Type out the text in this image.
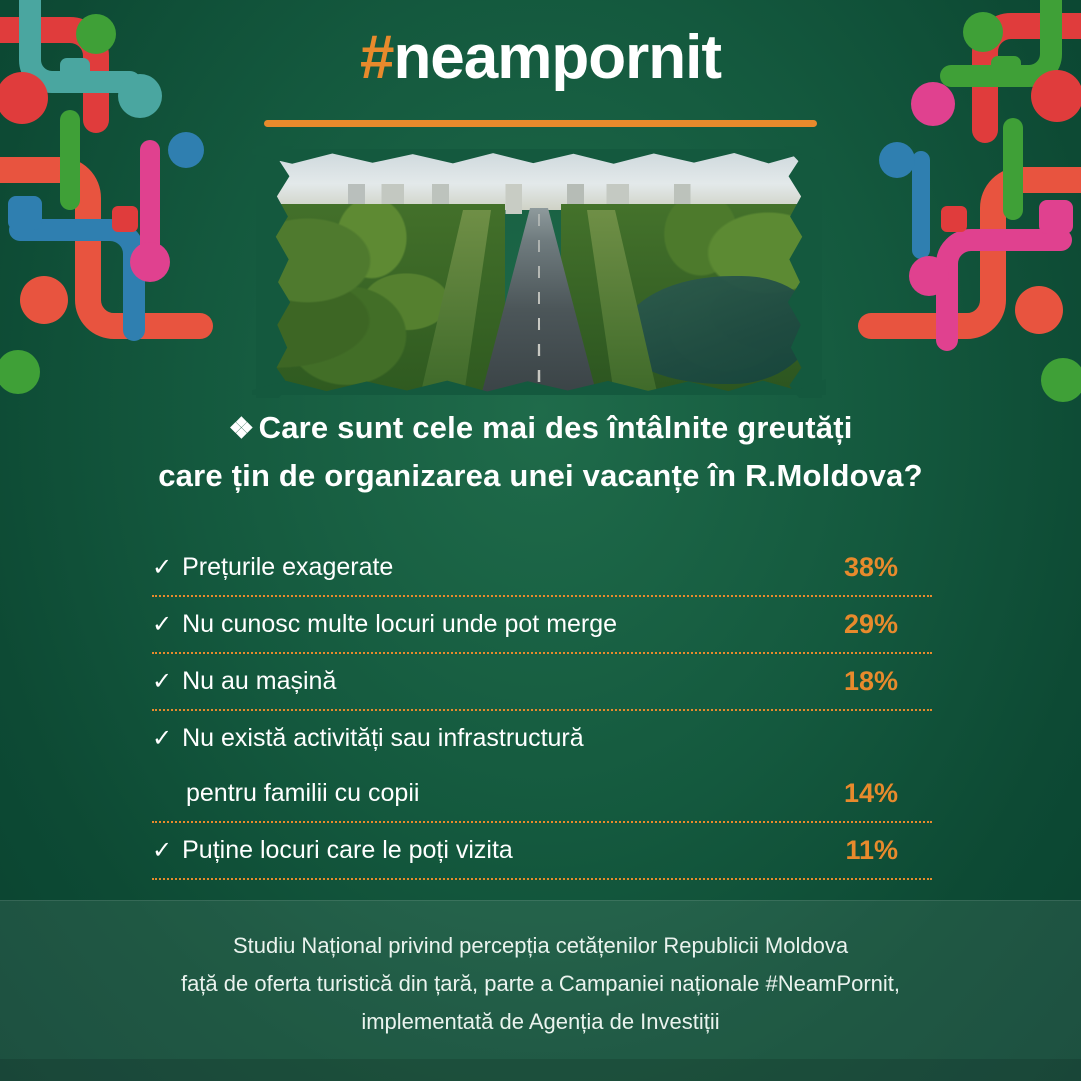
#neampornit
❖ Care sunt cele mai des întâlnite greutăți
care țin de organizarea unei vacanțe în R.Moldova?
✓ Prețurile exagerate	38%
✓ Nu cunosc multe locuri unde pot merge	29%
✓ Nu au mașină	18%
✓ Nu există activități sau infrastructură
pentru familii cu copii	14%
✓ Puține locuri care le poți vizita	11%
Studiu Național privind percepția cetățenilor Republicii Moldova
față de oferta turistică din țară, parte a Campaniei naționale #NeamPornit,
implementată de Agenția de Investiții
